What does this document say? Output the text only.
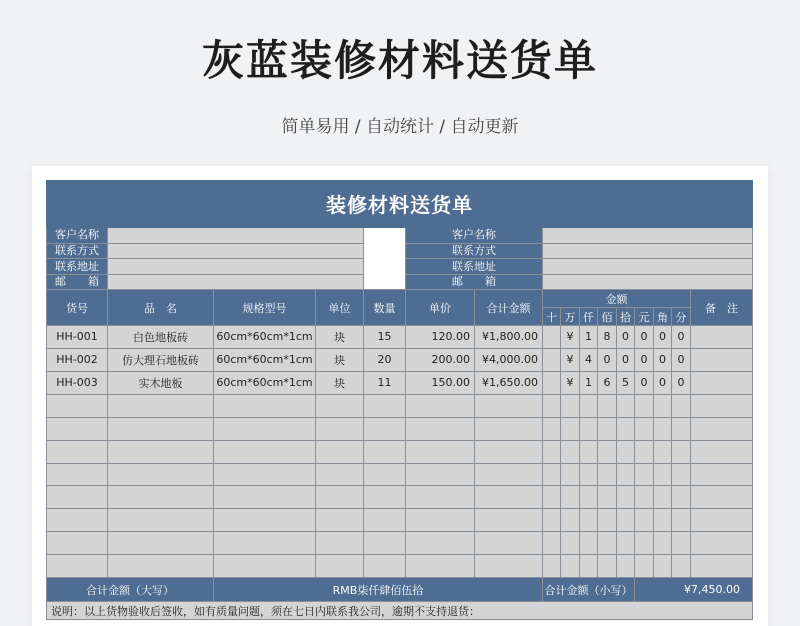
灰蓝装修材料送货单
简单易用 / 自动统计 / 自动更新
装修材料送货单															
客户名称					客户名称										
联系方式					联系方式										
联系地址					联系地址										
邮　　箱					邮　　箱										
货号	品　名	规格型号	单位	数量	单价	合计金额	金额								备　注
							十	万	仟	佰	拾	元	角	分	
HH-001	白色地板砖	60cm*60cm*1cm	块	15	120.00	¥1,800.00		¥	1	8	0	0	0	0	
HH-002	仿大理石地板砖	60cm*60cm*1cm	块	20	200.00	¥4,000.00		¥	4	0	0	0	0	0	
HH-003	实木地板	60cm*60cm*1cm	块	11	150.00	¥1,650.00		¥	1	6	5	0	0	0	

合计金额（大写）		RMB柒仟肆佰伍拾					合计金额（小写）					¥7,450.00			
说明：以上货物验收后签收，如有质量问题，须在七日内联系我公司，逾期不支持退货：															
